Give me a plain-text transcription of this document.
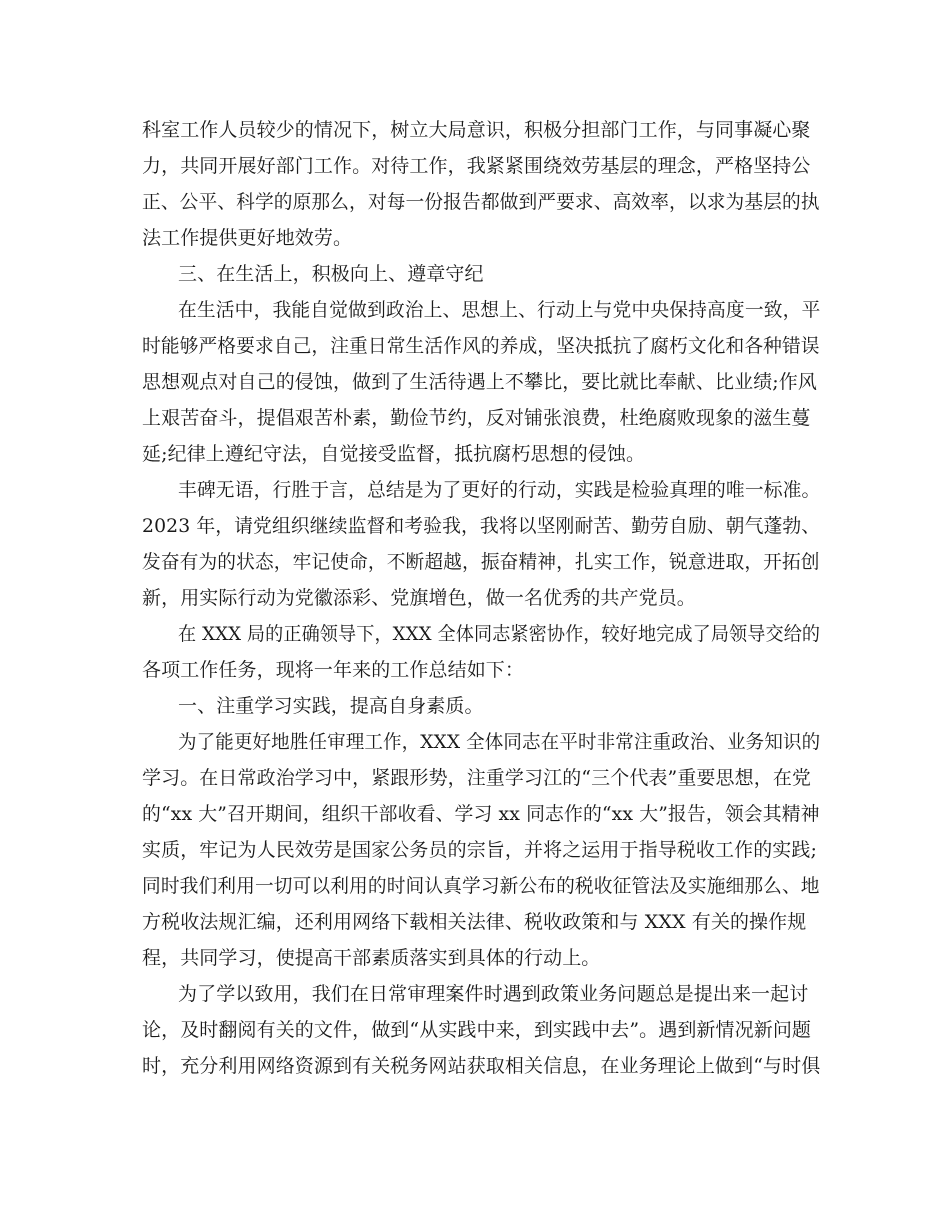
科室工作人员较少的情况下，树立大局意识，积极分担部门工作，与同事凝心聚
力，共同开展好部门工作。对待工作，我紧紧围绕效劳基层的理念，严格坚持公
正、公平、科学的原那么，对每一份报告都做到严要求、高效率，以求为基层的执
法工作提供更好地效劳。
三、在生活上，积极向上、遵章守纪
在生活中，我能自觉做到政治上、思想上、行动上与党中央保持高度一致，平
时能够严格要求自己，注重日常生活作风的养成，坚决抵抗了腐朽文化和各种错误
思想观点对自己的侵蚀，做到了生活待遇上不攀比，要比就比奉献、比业绩;作风
上艰苦奋斗，提倡艰苦朴素，勤俭节约，反对铺张浪费，杜绝腐败现象的滋生蔓
延;纪律上遵纪守法，自觉接受监督，抵抗腐朽思想的侵蚀。
丰碑无语，行胜于言，总结是为了更好的行动，实践是检验真理的唯一标准。
2023 年，请党组织继续监督和考验我，我将以坚刚耐苦、勤劳自励、朝气蓬勃、
发奋有为的状态，牢记使命，不断超越，振奋精神，扎实工作，锐意进取，开拓创
新，用实际行动为党徽添彩、党旗增色，做一名优秀的共产党员。
在 XXX 局的正确领导下，XXX 全体同志紧密协作，较好地完成了局领导交给的
各项工作任务，现将一年来的工作总结如下：
一、注重学习实践，提高自身素质。
为了能更好地胜任审理工作，XXX 全体同志在平时非常注重政治、业务知识的
学习。在日常政治学习中，紧跟形势，注重学习江的“三个代表”重要思想，在党
的“xx 大”召开期间，组织干部收看、学习 xx 同志作的“xx 大”报告，领会其精神
实质，牢记为人民效劳是国家公务员的宗旨，并将之运用于指导税收工作的实践;
同时我们利用一切可以利用的时间认真学习新公布的税收征管法及实施细那么、地
方税收法规汇编，还利用网络下载相关法律、税收政策和与 XXX 有关的操作规
程，共同学习，使提高干部素质落实到具体的行动上。
为了学以致用，我们在日常审理案件时遇到政策业务问题总是提出来一起讨
论，及时翻阅有关的文件，做到“从实践中来，到实践中去”。遇到新情况新问题
时，充分利用网络资源到有关税务网站获取相关信息，在业务理论上做到“与时俱
